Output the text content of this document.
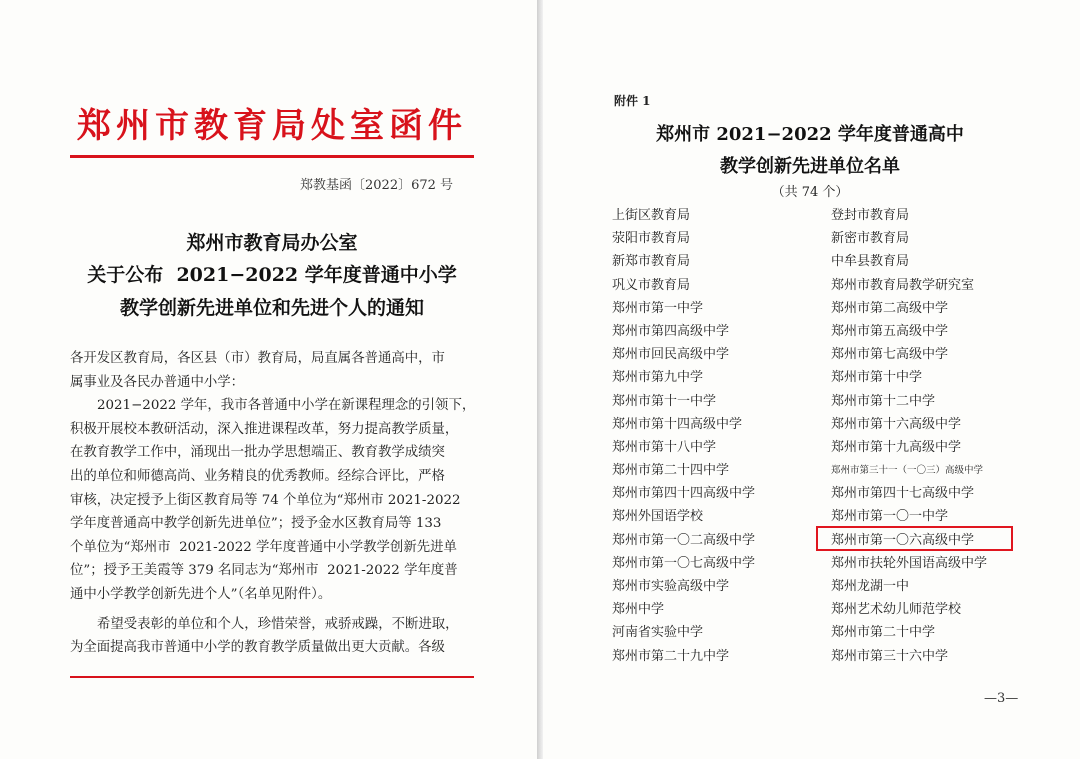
郑州市教育局处室函件
郑教基函〔2022〕672 号
郑州市教育局办公室
关于公布  2021−2022 学年度普通中小学
教学创新先进单位和先进个人的通知
各开发区教育局，各区县（市）教育局，局直属各普通高中，市
属事业及各民办普通中小学：
2021−2022 学年，我市各普通中小学在新课程理念的引领下，
积极开展校本教研活动，深入推进课程改革，努力提高教学质量，
在教育教学工作中，涌现出一批办学思想端正、教育教学成绩突
出的单位和师德高尚、业务精良的优秀教师。经综合评比，严格
审核，决定授予上街区教育局等 74 个单位为“郑州市 2021-2022
学年度普通高中教学创新先进单位”；授予金水区教育局等 133
个单位为“郑州市  2021-2022 学年度普通中小学教学创新先进单
位”；授予王美霞等 379 名同志为“郑州市  2021-2022 学年度普
通中小学教学创新先进个人”（名单见附件）。
希望受表彰的单位和个人，珍惜荣誉，戒骄戒躁，不断进取，
为全面提高我市普通中小学的教育教学质量做出更大贡献。各级
附件 1
郑州市 2021−2022 学年度普通高中
教学创新先进单位名单
（共 74 个）
上街区教育局
荥阳市教育局
新郑市教育局
巩义市教育局
郑州市第一中学
郑州市第四高级中学
郑州市回民高级中学
郑州市第九中学
郑州市第十一中学
郑州市第十四高级中学
郑州市第十八中学
郑州市第二十四中学
郑州市第四十四高级中学
郑州外国语学校
郑州市第一〇二高级中学
郑州市第一〇七高级中学
郑州市实验高级中学
郑州中学
河南省实验中学
郑州市第二十九中学
登封市教育局
新密市教育局
中牟县教育局
郑州市教育局教学研究室
郑州市第二高级中学
郑州市第五高级中学
郑州市第七高级中学
郑州市第十中学
郑州市第十二中学
郑州市第十六高级中学
郑州市第十九高级中学
郑州市第三十一（一〇三）高级中学
郑州市第四十七高级中学
郑州市第一〇一中学
郑州市第一〇六高级中学
郑州市扶轮外国语高级中学
郑州龙湖一中
郑州艺术幼儿师范学校
郑州市第二十中学
郑州市第三十六中学
—3—
